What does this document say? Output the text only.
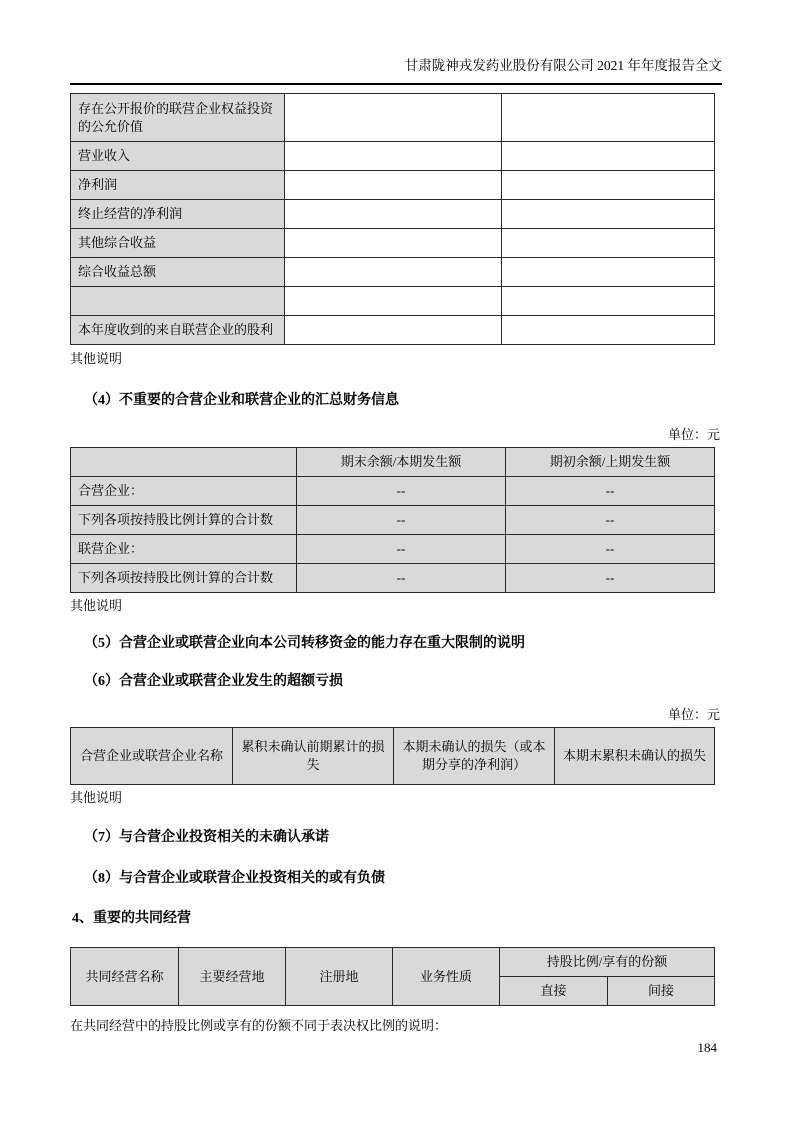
甘肃陇神戎发药业股份有限公司 2021 年年度报告全文
存在公开报价的联营企业权益投资的公允价值		
营业收入		
净利润		
终止经营的净利润		
其他综合收益		
综合收益总额		

本年度收到的来自联营企业的股利		
其他说明
（4）不重要的合营企业和联营企业的汇总财务信息
单位：元
	期末余额/本期发生额	期初余额/上期发生额
合营企业：	--	--
下列各项按持股比例计算的合计数	--	--
联营企业：	--	--
下列各项按持股比例计算的合计数	--	--
其他说明
（5）合营企业或联营企业向本公司转移资金的能力存在重大限制的说明
（6）合营企业或联营企业发生的超额亏损
单位：元
合营企业或联营企业名称	累积未确认前期累计的损失	本期未确认的损失（或本期分享的净利润）	本期末累积未确认的损失
其他说明
（7）与合营企业投资相关的未确认承诺
（8）与合营企业或联营企业投资相关的或有负债
4、重要的共同经营
共同经营名称	主要经营地	注册地	业务性质	持股比例/享有的份额	
				直接	间接
在共同经营中的持股比例或享有的份额不同于表决权比例的说明：
184
